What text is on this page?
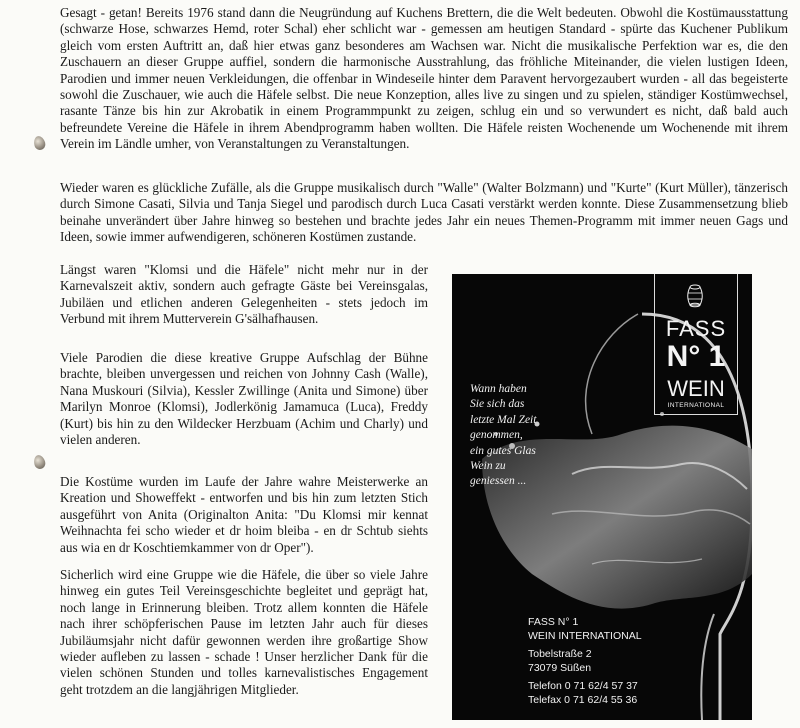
Gesagt - getan! Bereits 1976 stand dann die Neugründung auf Kuchens Brettern, die die Welt bedeuten. Obwohl die Kostümausstattung (schwarze Hose, schwarzes Hemd, roter Schal) eher schlicht war - gemessen am heutigen Standard - spürte das Kuchener Publikum gleich vom ersten Auftritt an, daß hier etwas ganz besonderes am Wachsen war. Nicht die musikalische Perfektion war es, die den Zuschauern an dieser Gruppe auffiel, sondern die harmonische Ausstrahlung, das fröhliche Miteinander, die vielen lustigen Ideen, Parodien und immer neuen Verkleidungen, die offenbar in Windeseile hinter dem Paravent hervorgezaubert wurden - all das begeisterte sowohl die Zuschauer, wie auch die Häfele selbst. Die neue Konzeption, alles live zu singen und zu spielen, ständiger Kostümwechsel, rasante Tänze bis hin zur Akrobatik in einem Programmpunkt zu zeigen, schlug ein und so verwundert es nicht, daß bald auch befreundete Vereine die Häfele in ihrem Abendprogramm haben wollten. Die Häfele reisten Wochenende um Wochenende mit ihrem Verein im Ländle umher, von Veranstaltungen zu Veranstaltungen.

Wieder waren es glückliche Zufälle, als die Gruppe musikalisch durch "Walle" (Walter Bolzmann) und "Kurte" (Kurt Müller), tänzerisch durch Simone Casati, Silvia und Tanja Siegel und parodisch durch Luca Casati verstärkt werden konnte. Diese Zusammensetzung blieb beinahe unverändert über Jahre hinweg so bestehen und brachte jedes Jahr ein neues Themen-Programm mit immer neuen Gags und Ideen, sowie immer aufwendigeren, schöneren Kostümen zustande.

Längst waren "Klomsi und die Häfele" nicht mehr nur in der Karnevalszeit aktiv, sondern auch gefragte Gäste bei Vereinsgalas, Jubiläen und etlichen anderen Gelegenheiten - stets jedoch im Verbund mit ihrem Mutterverein G'sälhafhausen.

Viele Parodien die diese kreative Gruppe Aufschlag der Bühne brachte, bleiben unvergessen und reichen von Johnny Cash (Walle), Nana Muskouri (Silvia), Kessler Zwillinge (Anita und Simone) über Marilyn Monroe (Klomsi), Jodlerkönig Jamamuca (Luca), Freddy (Kurt) bis hin zu den Wildecker Herzbuam (Achim und Charly) und vielen anderen.

Die Kostüme wurden im Laufe der Jahre wahre Meisterwerke an Kreation und Showeffekt - entworfen und bis hin zum letzten Stich ausgeführt von Anita (Originalton Anita: "Du Klomsi mir kennat Weihnachta fei scho wieder et dr hoim bleiba - en dr Schtub siehts aus wia en dr Koschtiemkammer von dr Oper").

Sicherlich wird eine Gruppe wie die Häfele, die über so viele Jahre hinweg ein gutes Teil Vereinsgeschichte begleitet und geprägt hat, noch lange in Erinnerung bleiben. Trotz allem konnten die Häfele nach ihrer schöpferischen Pause im letzten Jahr auch für dieses Jubiläumsjahr nicht dafür gewonnen werden ihre großartige Show wieder aufleben zu lassen - schade ! Unser herzlicher Dank für die vielen schönen Stunden und tolles karnevalistisches Engagement geht trotzdem an die langjährigen Mitglieder.

FASS
N° 1
WEIN
INTERNATIONAL
Wann haben
Sie sich das
letzte Mal Zeit
genommen,
ein gutes Glas
Wein zu
geniessen ...
FASS N° 1
WEIN INTERNATIONAL
Tobelstraße 2
73079 Süßen
Telefon 0 71 62/4 57 37
Telefax 0 71 62/4 55 36
